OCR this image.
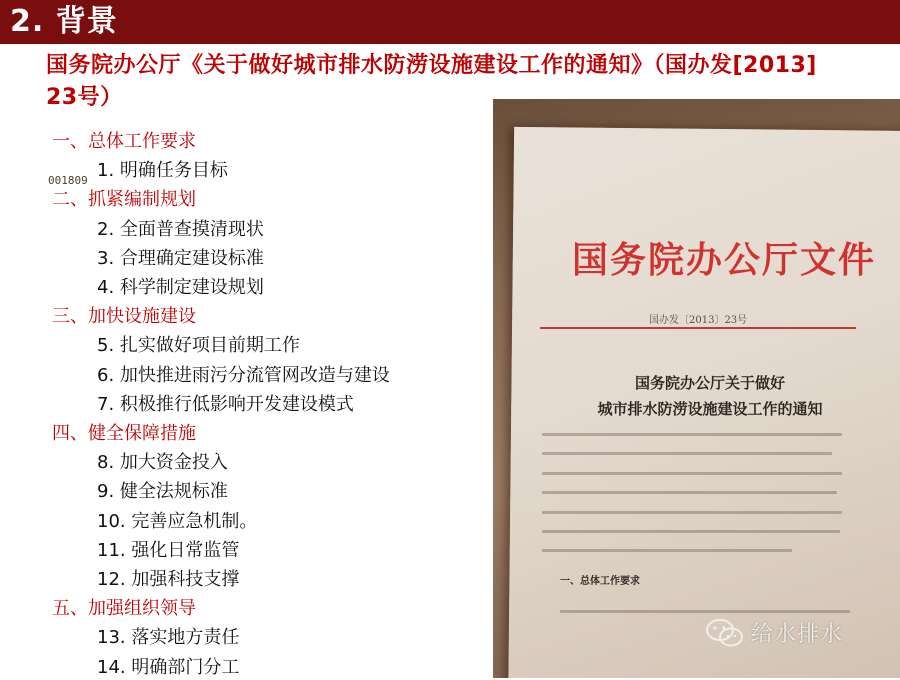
2. 背景
国务院办公厅《关于做好城市排水防涝设施建设工作的通知》（国办发[2013] 23号）
一、总体工作要求
1. 明确任务目标
二、抓紧编制规划
2. 全面普查摸清现状
3. 合理确定建设标准
4. 科学制定建设规划
三、加快设施建设
5. 扎实做好项目前期工作
6. 加快推进雨污分流管网改造与建设
7. 积极推行低影响开发建设模式
四、健全保障措施
8. 加大资金投入
9. 健全法规标准
10. 完善应急机制。
11. 强化日常监管
12. 加强科技支撑
五、加强组织领导
13. 落实地方责任
14. 明确部门分工
001809
国务院办公厅文件
国办发〔2013〕23号
国务院办公厅关于做好
城市排水防涝设施建设工作的通知
一、总体工作要求
给水排水
